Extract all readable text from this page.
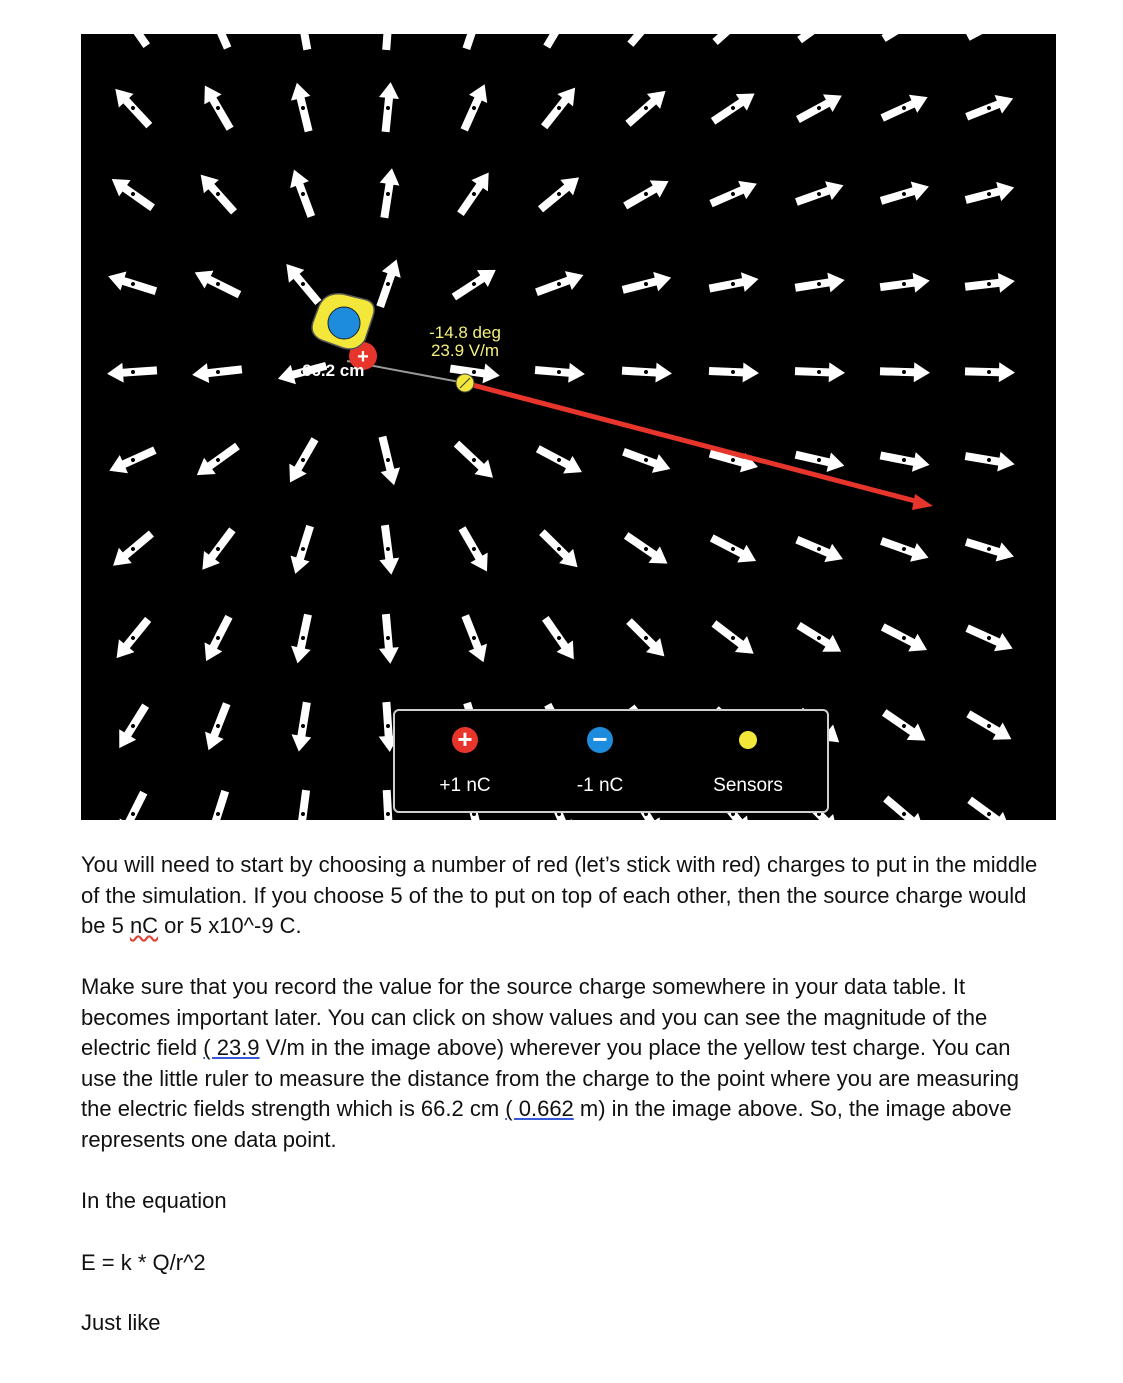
+
66.2 cm
-14.8 deg
23.9 V/m
+
+1 nC
−
-1 nC	Sensors

You will need to start by choosing a number of red (let’s stick with red) charges to put in the middle of the simulation. If you choose 5 of the to put on top of each other, then the source charge would be 5 nC or 5 x10^-9 C.

Make sure that you record the value for the source charge somewhere in your data table. It becomes important later. You can click on show values and you can see the magnitude of the electric field ( 23.9 V/m in the image above) wherever you place the yellow test charge. You can use the little ruler to measure the distance from the charge to the point where you are measuring the electric fields strength which is 66.2 cm ( 0.662 m) in the image above. So, the image above represents one data point.

In the equation

E = k * Q/r^2

Just like
